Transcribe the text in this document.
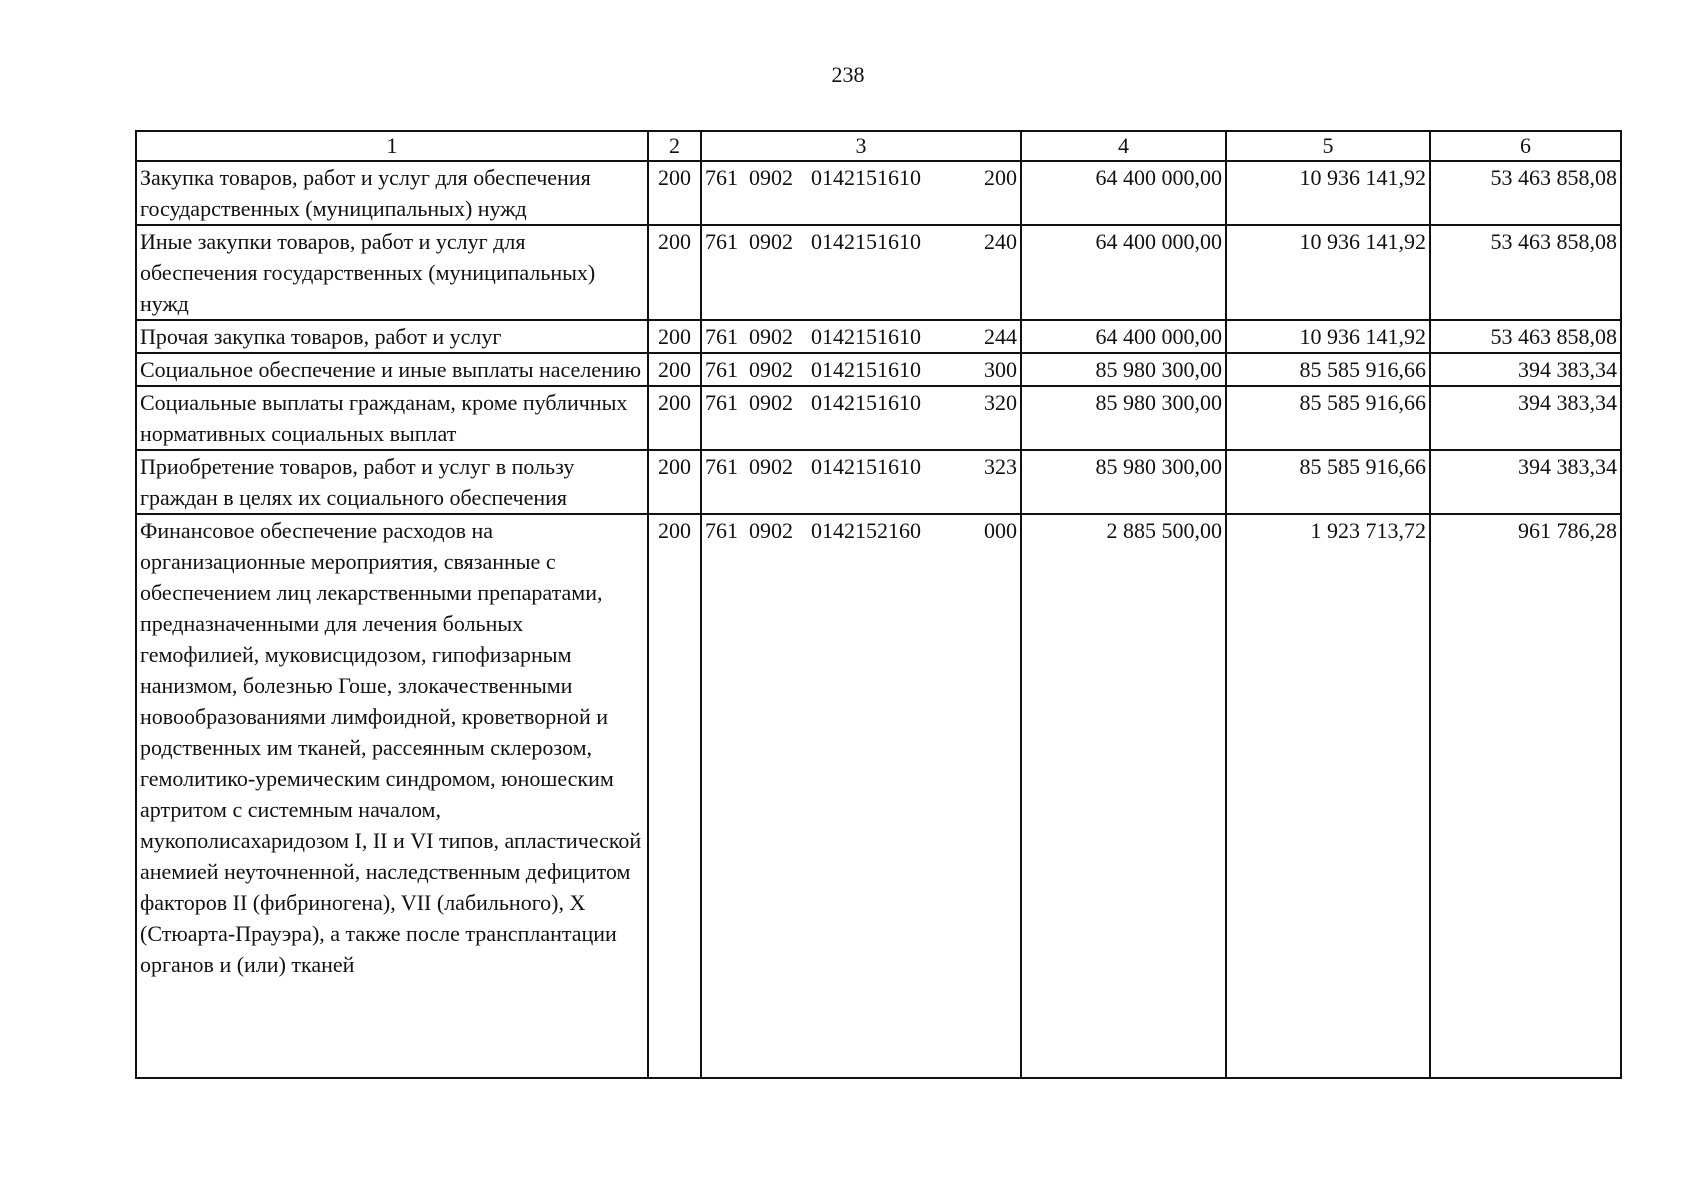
238
1	2	3	4	5	6
Закупка товаров, работ и услуг для обеспечения государственных (муниципальных) нужд	200	761 0902 0142151610 200	64 400 000,00	10 936 141,92	53 463 858,08
Иные закупки товаров, работ и услуг для обеспечения государственных (муниципальных) нужд	200	761 0902 0142151610 240	64 400 000,00	10 936 141,92	53 463 858,08
Прочая закупка товаров, работ и услуг	200	761 0902 0142151610 244	64 400 000,00	10 936 141,92	53 463 858,08
Социальное обеспечение и иные выплаты населению	200	761 0902 0142151610 300	85 980 300,00	85 585 916,66	394 383,34
Социальные выплаты гражданам, кроме публичных нормативных социальных выплат	200	761 0902 0142151610 320	85 980 300,00	85 585 916,66	394 383,34
Приобретение товаров, работ и услуг в пользу граждан в целях их социального обеспечения	200	761 0902 0142151610 323	85 980 300,00	85 585 916,66	394 383,34
Финансовое обеспечение расходов на организационные мероприятия, связанные с обеспечением лиц лекарственными препаратами, предназначенными для лечения больных гемофилией, муковисцидозом, гипофизарным нанизмом, болезнью Гоше, злокачественными новообразованиями лимфоидной, кроветворной и родственных им тканей, рассеянным склерозом, гемолитико-уремическим синдромом, юношеским артритом с системным началом, мукополисахаридозом I, II и VI типов, апластической анемией неуточненной, наследственным дефицитом факторов II (фибриногена), VII (лабильного), X (Стюарта-Прауэра), а также после трансплантации органов и (или) тканей	200	761 0902 0142152160 000	2 885 500,00	1 923 713,72	961 786,28
